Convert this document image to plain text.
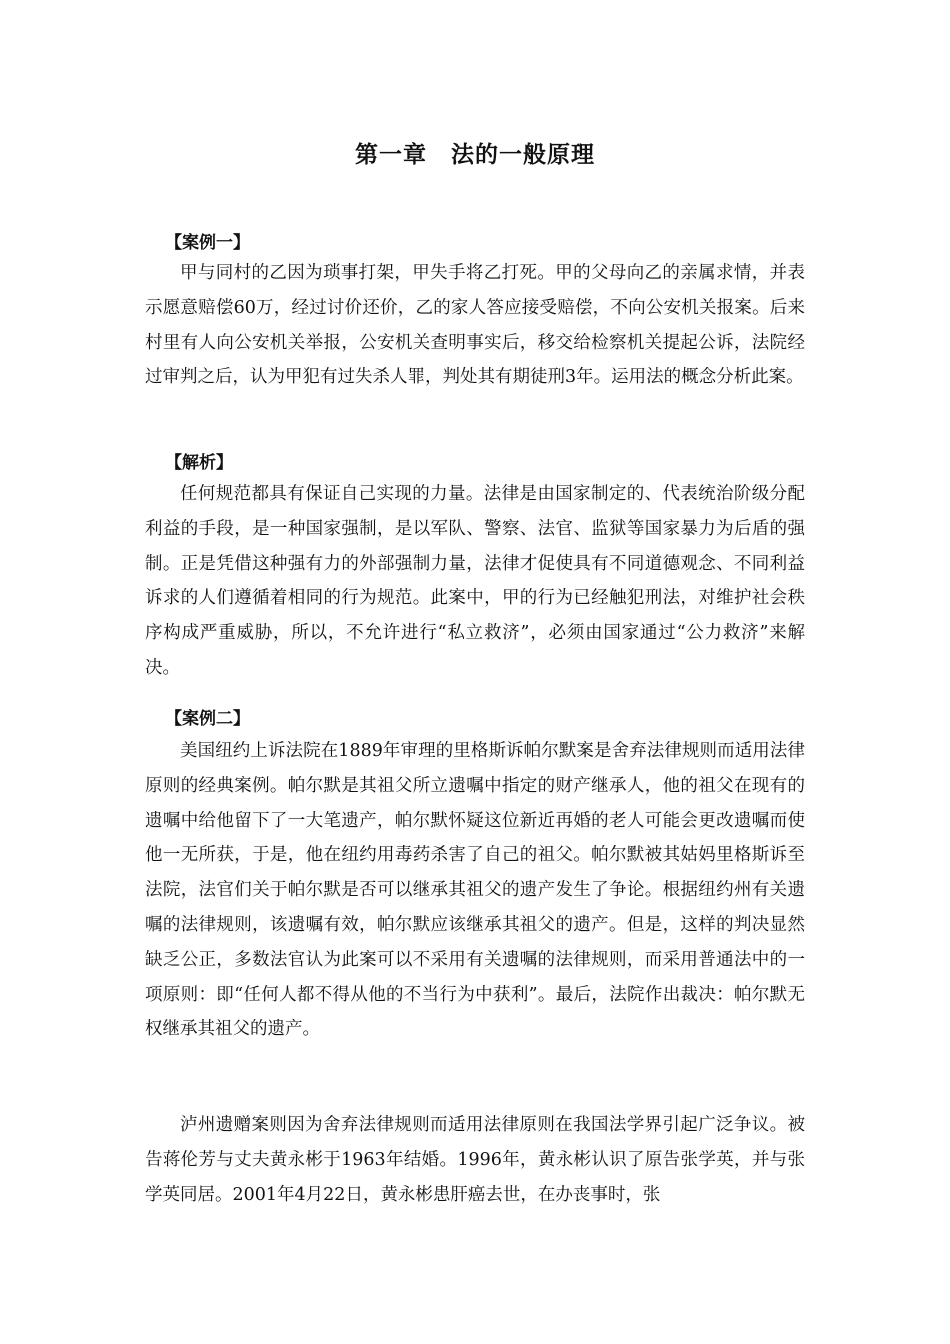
第一章　法的一般原理

【案例一】

甲与同村的乙因为琐事打架，甲失手将乙打死。甲的父母向乙的亲属求情，并表示愿意赔偿60万，经过讨价还价，乙的家人答应接受赔偿，不向公安机关报案。后来村里有人向公安机关举报，公安机关查明事实后，移交给检察机关提起公诉，法院经过审判之后，认为甲犯有过失杀人罪，判处其有期徒刑3年。运用法的概念分析此案。

【解析】

任何规范都具有保证自己实现的力量。法律是由国家制定的、代表统治阶级分配利益的手段，是一种国家强制，是以军队、警察、法官、监狱等国家暴力为后盾的强制。正是凭借这种强有力的外部强制力量，法律才促使具有不同道德观念、不同利益诉求的人们遵循着相同的行为规范。此案中，甲的行为已经触犯刑法，对维护社会秩序构成严重威胁，所以，不允许进行“私立救济”，必须由国家通过“公力救济”来解决。

【案例二】

美国纽约上诉法院在1889年审理的里格斯诉帕尔默案是舍弃法律规则而适用法律原则的经典案例。帕尔默是其祖父所立遗嘱中指定的财产继承人，他的祖父在现有的遗嘱中给他留下了一大笔遗产，帕尔默怀疑这位新近再婚的老人可能会更改遗嘱而使他一无所获，于是，他在纽约用毒药杀害了自己的祖父。帕尔默被其姑妈里格斯诉至法院，法官们关于帕尔默是否可以继承其祖父的遗产发生了争论。根据纽约州有关遗嘱的法律规则，该遗嘱有效，帕尔默应该继承其祖父的遗产。但是，这样的判决显然缺乏公正，多数法官认为此案可以不采用有关遗嘱的法律规则，而采用普通法中的一项原则：即“任何人都不得从他的不当行为中获利”。最后，法院作出裁决：帕尔默无权继承其祖父的遗产。

泸州遗赠案则因为舍弃法律规则而适用法律原则在我国法学界引起广泛争议。被告蒋伦芳与丈夫黄永彬于1963年结婚。1996年，黄永彬认识了原告张学英，并与张学英同居。2001年4月22日，黄永彬患肝癌去世，在办丧事时，张
